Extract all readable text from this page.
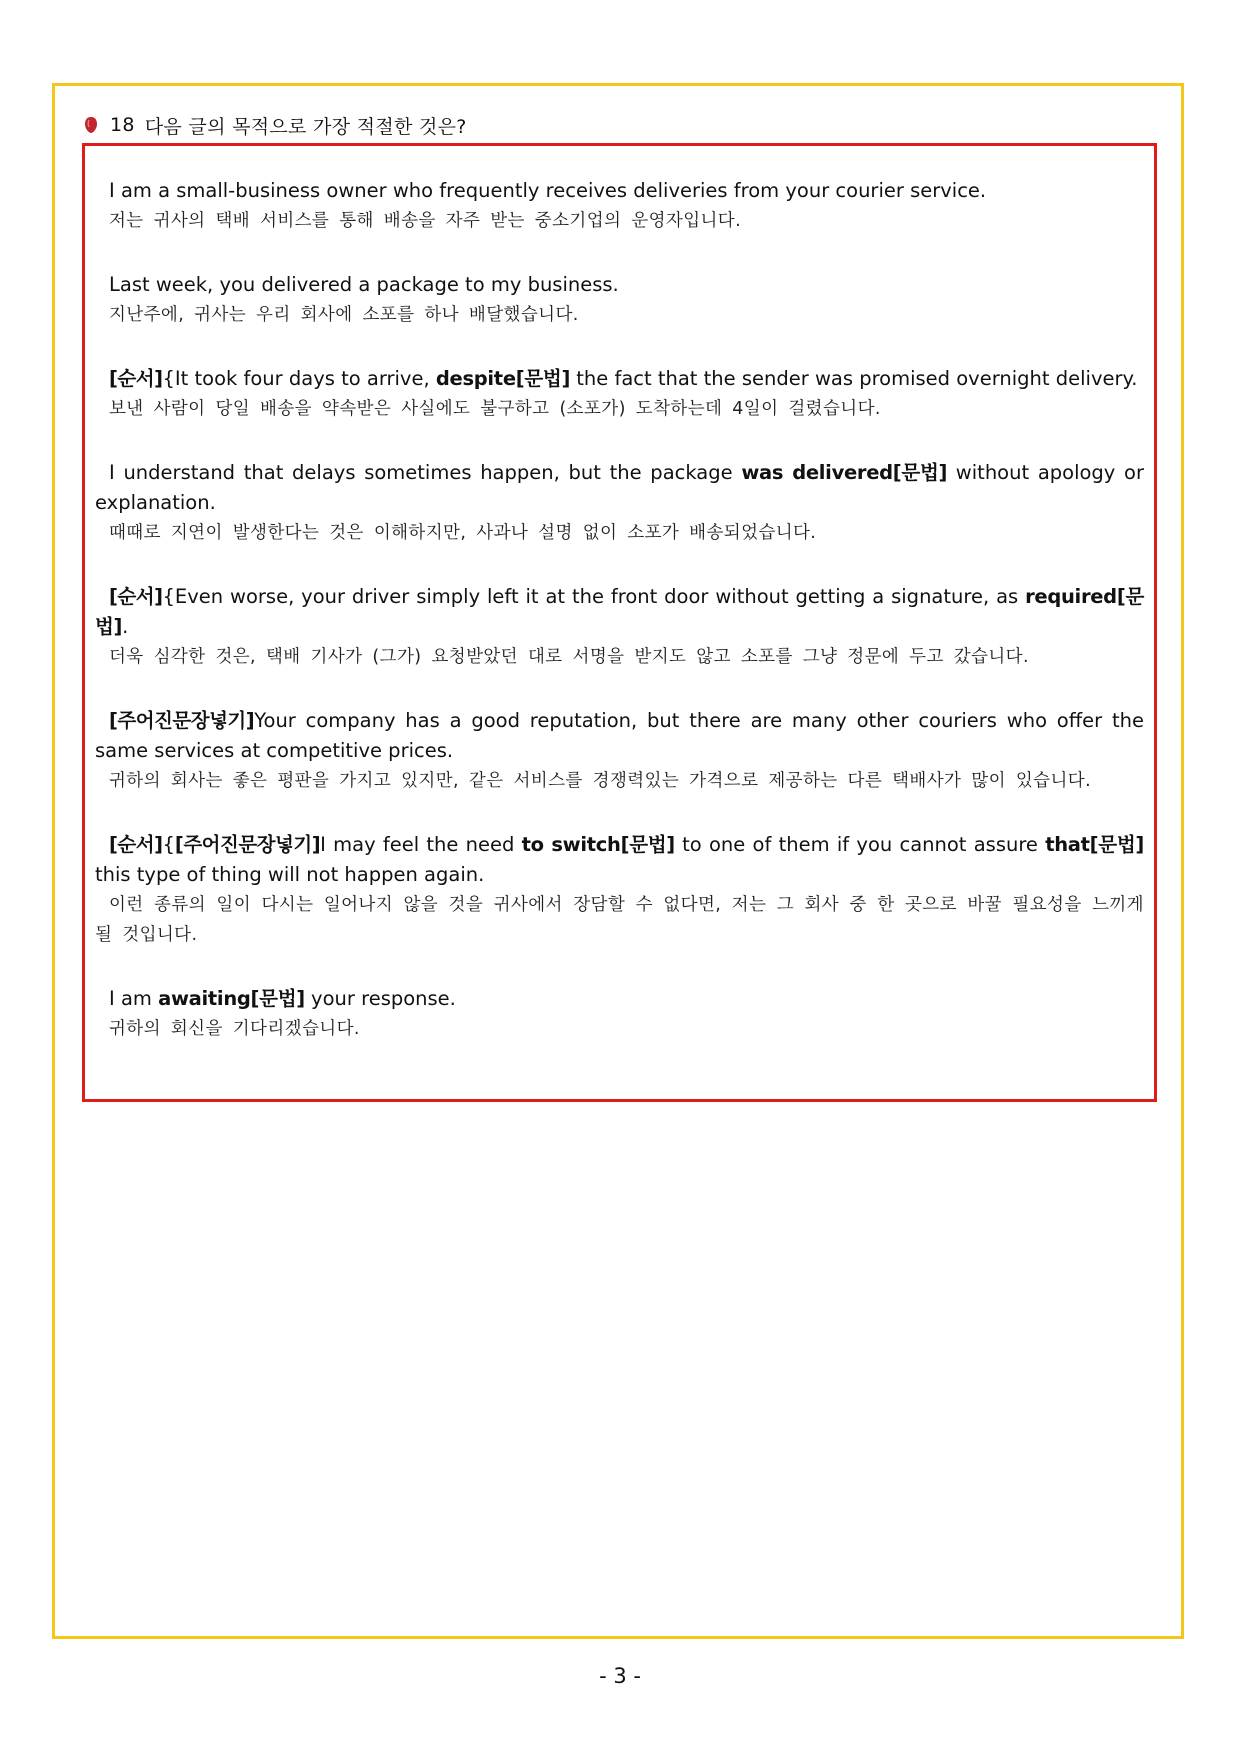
18 다음 글의 목적으로 가장 적절한 것은?
I am a small-business owner who frequently receives deliveries from your courier service.
저는 귀사의 택배 서비스를 통해 배송을 자주 받는 중소기업의 운영자입니다.
Last week, you delivered a package to my business.
지난주에, 귀사는 우리 회사에 소포를 하나 배달했습니다.
[순서]{It took four days to arrive, despite[문법] the fact that the sender was promised overnight delivery.
보낸 사람이 당일 배송을 약속받은 사실에도 불구하고 (소포가) 도착하는데 4일이 걸렸습니다.
I understand that delays sometimes happen, but the package was delivered[문법] without apology or explanation.
때때로 지연이 발생한다는 것은 이해하지만, 사과나 설명 없이 소포가 배송되었습니다.
[순서]{Even worse, your driver simply left it at the front door without getting a signature, as required[문법].
더욱 심각한 것은, 택배 기사가 (그가) 요청받았던 대로 서명을 받지도 않고 소포를 그냥 정문에 두고 갔습니다.
[주어진문장넣기]Your company has a good reputation, but there are many other couriers who offer the same services at competitive prices.
귀하의 회사는 좋은 평판을 가지고 있지만, 같은 서비스를 경쟁력있는 가격으로 제공하는 다른 택배사가 많이 있습니다.
[순서]{[주어진문장넣기]I may feel the need to switch[문법] to one of them if you cannot assure that[문법] this type of thing will not happen again.
이런 종류의 일이 다시는 일어나지 않을 것을 귀사에서 장담할 수 없다면, 저는 그 회사 중 한 곳으로 바꿀 필요성을 느끼게 될 것입니다.
I am awaiting[문법] your response.
귀하의 회신을 기다리겠습니다.
- 3 -
